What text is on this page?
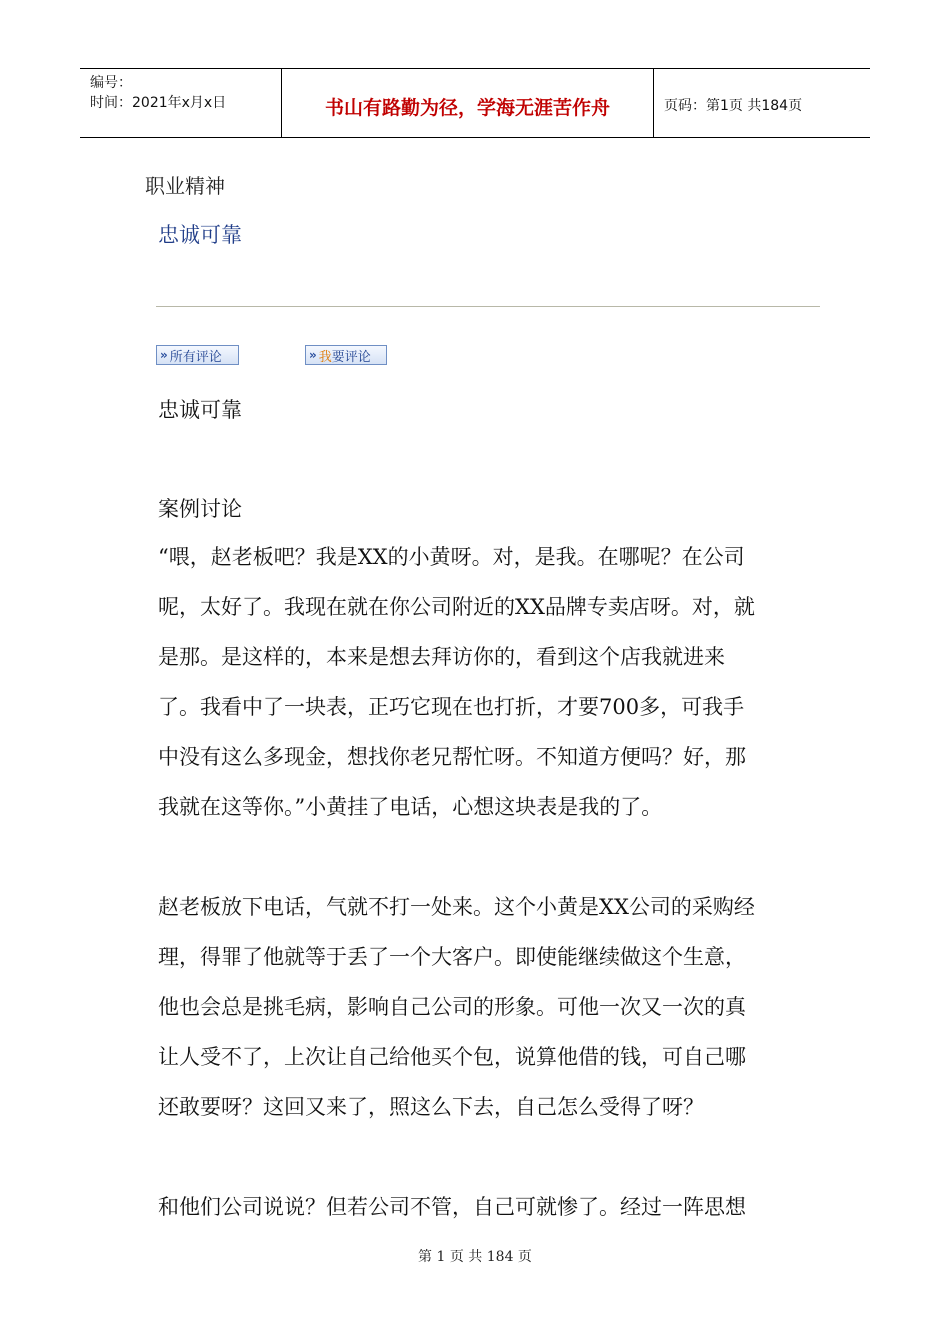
编号：
时间：2021年x月x日	书山有路勤为径，学海无涯苦作舟	页码：第1页 共184页
职业精神
忠诚可靠
» 所有评论	» 我 要评论
忠诚可靠
案例讨论

“喂，赵老板吧？我是XX的小黄呀。对，是我。在哪呢？在公司
呢，太好了。我现在就在你公司附近的XX品牌专卖店呀。对，就
是那。是这样的，本来是想去拜访你的，看到这个店我就进来
了。我看中了一块表，正巧它现在也打折，才要700多，可我手
中没有这么多现金，想找你老兄帮忙呀。不知道方便吗？好，那
我就在这等你。”小黄挂了电话，心想这块表是我的了。

赵老板放下电话，气就不打一处来。这个小黄是XX公司的采购经
理，得罪了他就等于丢了一个大客户。即使能继续做这个生意，
他也会总是挑毛病，影响自己公司的形象。可他一次又一次的真
让人受不了，上次让自己给他买个包，说算他借的钱，可自己哪
还敢要呀？这回又来了，照这么下去，自己怎么受得了呀？

和他们公司说说？但若公司不管，自己可就惨了。经过一阵思想

第 1 页 共 184 页
